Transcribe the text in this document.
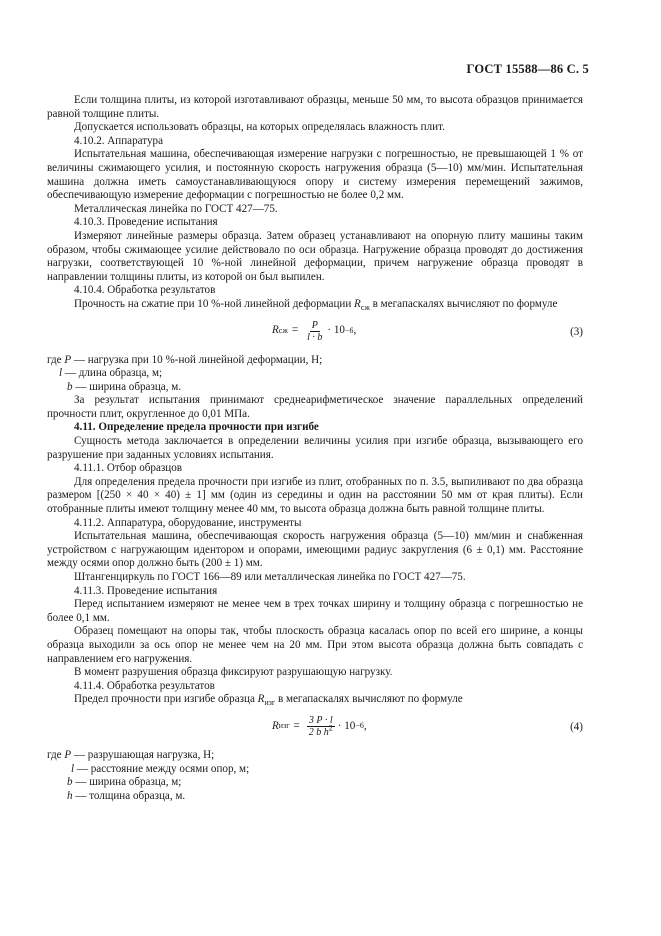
ГОСТ 15588—86 С. 5

Если толщина плиты, из которой изготавливают образцы, меньше 50 мм, то высота образцов принимается равной толщине плиты.

Допускается использовать образцы, на которых определялась влажность плит.

4.10.2. Аппаратура

Испытательная машина, обеспечивающая измерение нагрузки с погрешностью, не превышающей 1 % от величины сжимающего усилия, и постоянную скорость нагружения образца (5—10) мм/мин. Испытательная машина должна иметь самоустанавливающуюся опору и систему измерения перемещений зажимов, обеспечивающую измерение деформации с погрешностью не более 0,2 мм.

Металлическая линейка по ГОСТ 427—75.

4.10.3. Проведение испытания

Измеряют линейные размеры образца. Затем образец устанавливают на опорную плиту машины таким образом, чтобы сжимающее усилие действовало по оси образца. Нагружение образца проводят до достижения нагрузки, соответствующей 10 %-ной линейной деформации, причем нагружение образца проводят в направлении толщины плиты, из которой он был выпилен.

4.10.4. Обработка результатов

Прочность на сжатие при 10 %-ной линейной деформации $R_{сж}$ в мегапаскалях вычисляют по формуле

R сж = $\frac{P}{l \cdot b} \cdot 10 -6$ ,	(3)
где P — нагрузка при 10 %-ной линейной деформации, Н;
l — длина образца, м;
b — ширина образца, м.

За результат испытания принимают среднеарифметическое значение параллельных определений прочности плит, округленное до 0,01 МПа.

4.11. Определение предела прочности при изгибе

Сущность метода заключается в определении величины усилия при изгибе образца, вызывающего его разрушение при заданных условиях испытания.

4.11.1. Отбор образцов

Для определения предела прочности при изгибе из плит, отобранных по п. 3.5, выпиливают по два образца размером [(250 × 40 × 40) ± 1] мм (один из середины и один на расстоянии 50 мм от края плиты). Если отобранные плиты имеют толщину менее 40 мм, то высота образца должна быть равной толщине плиты.

4.11.2. Аппаратура, оборудование, инструменты

Испытательная машина, обеспечивающая скорость нагружения образца (5—10) мм/мин и снабженная устройством с нагружающим идентором и опорами, имеющими радиус закругления (6 ± 0,1) мм. Расстояние между осями опор должно быть (200 ± 1) мм.

Штангенциркуль по ГОСТ 166—89 или металлическая линейка по ГОСТ 427—75.

4.11.3. Проведение испытания

Перед испытанием измеряют не менее чем в трех точках ширину и толщину образца с погрешностью не более 0,1 мм.

Образец помещают на опоры так, чтобы плоскость образца касалась опор по всей его ширине, а концы образца выходили за ось опор не менее чем на 20 мм. При этом высота образца должна быть совпадать с направлением его нагружения.

В момент разрушения образца фиксируют разрушающую нагрузку.

4.11.4. Обработка результатов

Предел прочности при изгибе образца $R_{изг}$ в мегапаскалях вычисляют по формуле

R изг = $\frac{3 P \cdot l}{2 b h^2} \cdot 10 -6$ ,	(4)
где P — разрушающая нагрузка, Н;
l — расстояние между осями опор, м;
b — ширина образца, м;
h — толщина образца, м.
